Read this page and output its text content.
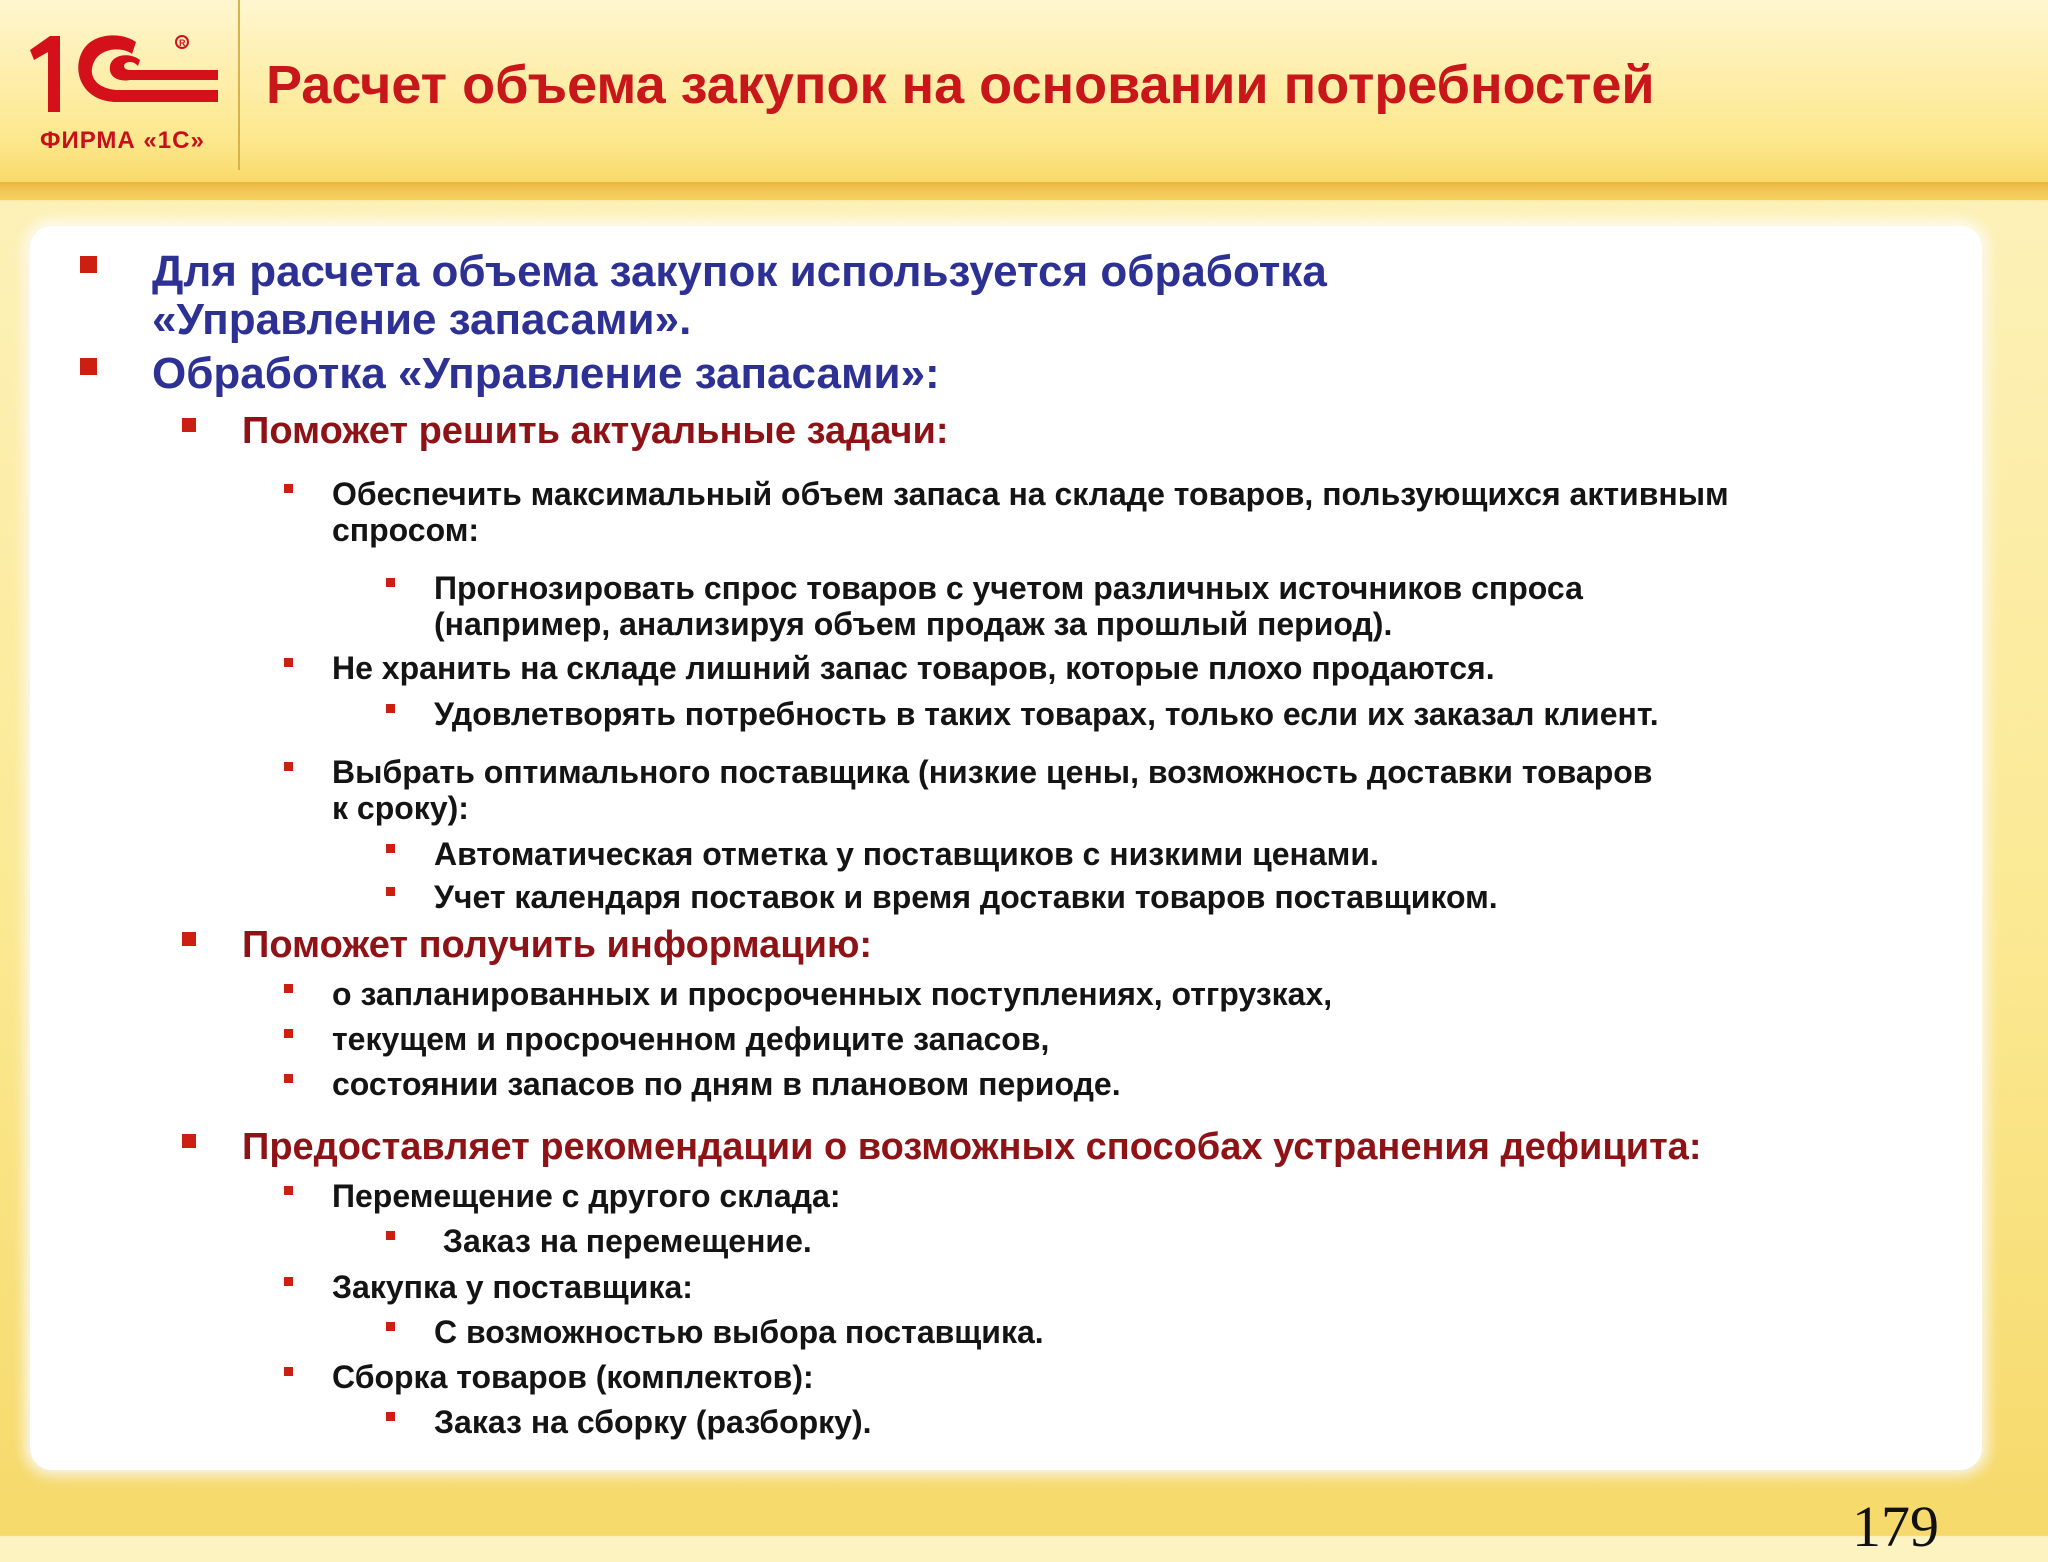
R
ФИРМА «1С»
Расчет объема закупок на основании потребностей
Для расчета объема закупок используется обработка
«Управление запасами».
Обработка «Управление запасами»:
Поможет решить актуальные задачи:
Обеспечить максимальный объем запаса на складе товаров, пользующихся активным
спросом:
Прогнозировать спрос товаров с учетом различных источников спроса
(например, анализируя объем продаж за прошлый период).
Не хранить на складе лишний запас товаров, которые плохо продаются.
Удовлетворять потребность в таких товарах, только если их заказал клиент.
Выбрать оптимального поставщика (низкие цены, возможность доставки товаров
к сроку):
Автоматическая отметка у поставщиков с низкими ценами.
Учет календаря поставок и время доставки товаров поставщиком.
Поможет получить информацию:
о запланированных и просроченных поступлениях, отгрузках,
текущем и просроченном дефиците запасов,
состоянии запасов по дням в плановом периоде.
Предоставляет рекомендации о возможных способах устранения дефицита:
Перемещение с другого склада:
Заказ на перемещение.
Закупка у поставщика:
С возможностью выбора поставщика.
Сборка товаров (комплектов):
Заказ на сборку (разборку).
179
